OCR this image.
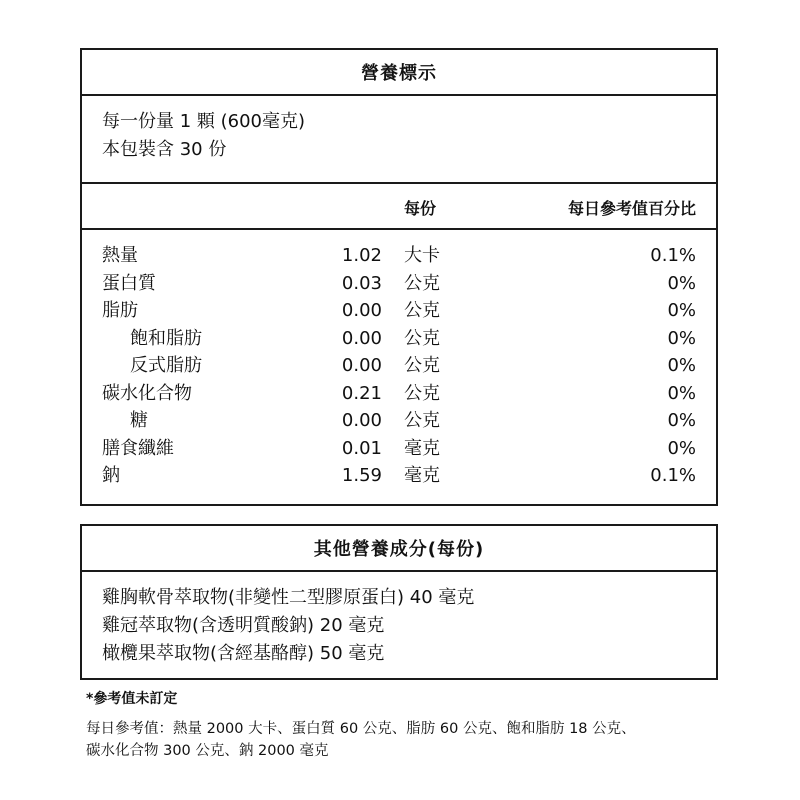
營養標示
每一份量 1 顆 (600毫克)
本包裝含 30 份
每份	每日參考值百分比
熱量	1.02 大卡	0.1%
蛋白質	0.03 公克	0%
脂肪	0.00 公克	0%
飽和脂肪	0.00 公克	0%
反式脂肪	0.00 公克	0%
碳水化合物	0.21 公克	0%
糖	0.00 公克	0%
膳食纖維	0.01 毫克	0%
鈉	1.59 毫克	0.1%
其他營養成分(每份)
雞胸軟骨萃取物(非變性二型膠原蛋白) 40 毫克
雞冠萃取物(含透明質酸鈉) 20 毫克
橄欖果萃取物(含經基酪醇) 50 毫克
*參考值未訂定
每日參考值：熱量 2000 大卡、蛋白質 60 公克、脂肪 60 公克、飽和脂肪 18 公克、
碳水化合物 300 公克、鈉 2000 毫克
